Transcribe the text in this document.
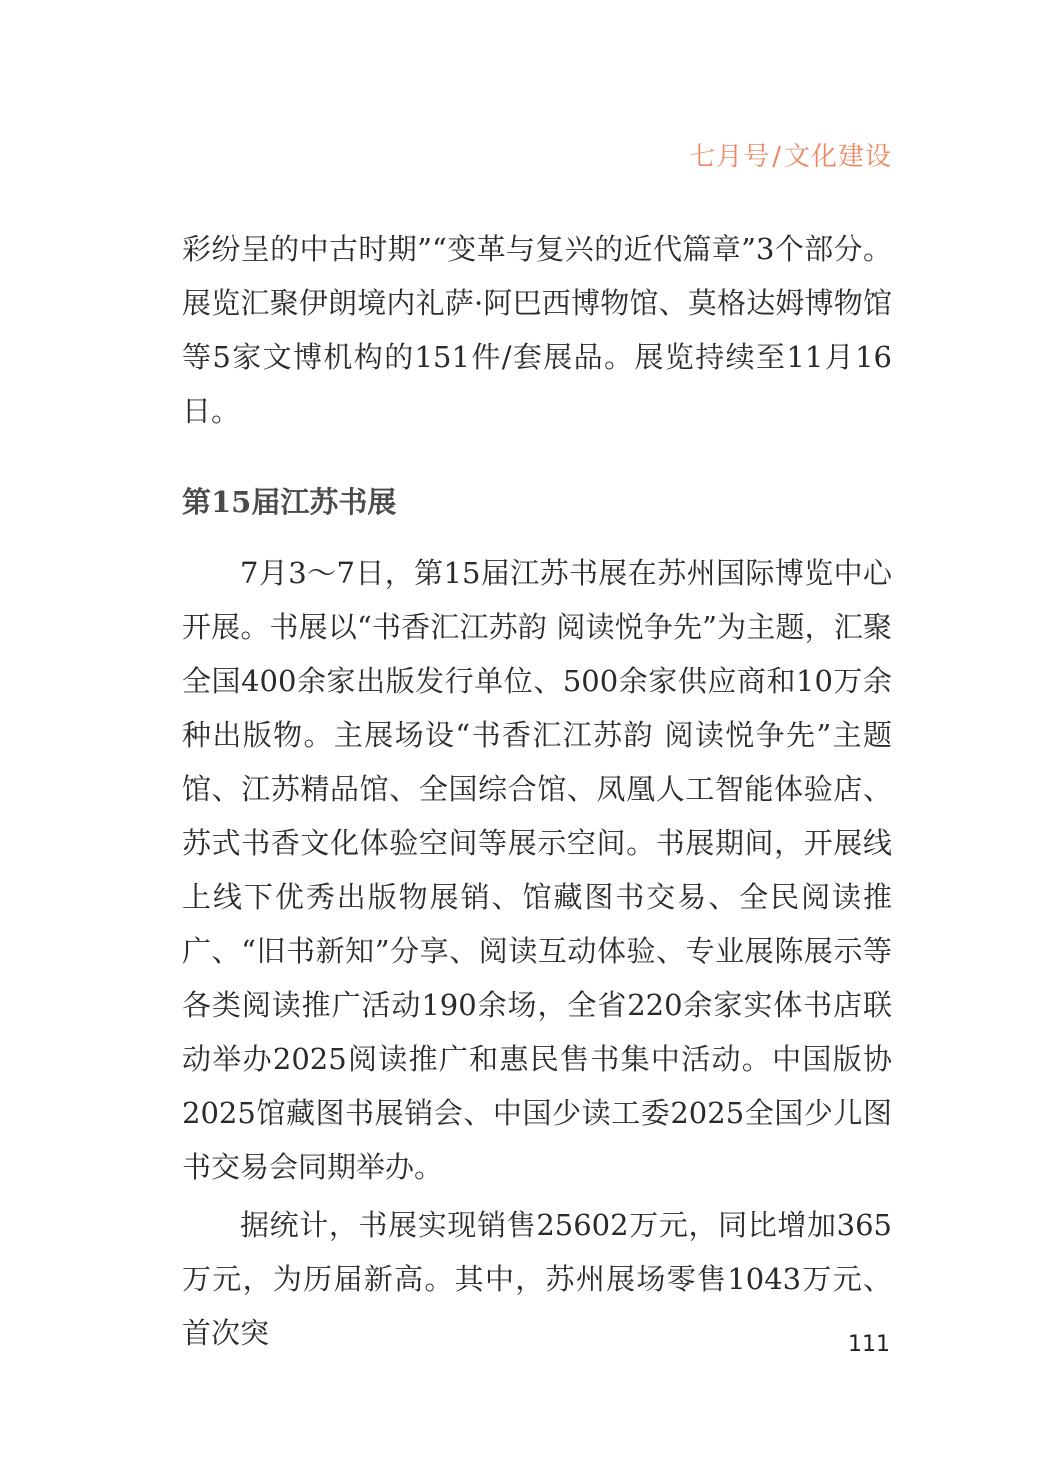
七月号/文化建设

彩纷呈的中古时期”“变革与复兴的近代篇章”3个部分。展览汇聚伊朗境内礼萨·阿巴西博物馆、莫格达姆博物馆等5家文博机构的151件/套展品。展览持续至11月16日。

第15届江苏书展

7月3～7日，第15届江苏书展在苏州国际博览中心开展。书展以“书香汇江苏韵 阅读悦争先”为主题，汇聚全国400余家出版发行单位、500余家供应商和10万余种出版物。主展场设“书香汇江苏韵 阅读悦争先”主题馆、江苏精品馆、全国综合馆、凤凰人工智能体验店、苏式书香文化体验空间等展示空间。书展期间，开展线上线下优秀出版物展销、馆藏图书交易、全民阅读推广、“旧书新知”分享、阅读互动体验、专业展陈展示等各类阅读推广活动190余场，全省220余家实体书店联动举办2025阅读推广和惠民售书集中活动。中国版协2025馆藏图书展销会、中国少读工委2025全国少儿图书交易会同期举办。

据统计，书展实现销售25602万元，同比增加365万元，为历届新高。其中，苏州展场零售1043万元、首次突	111
